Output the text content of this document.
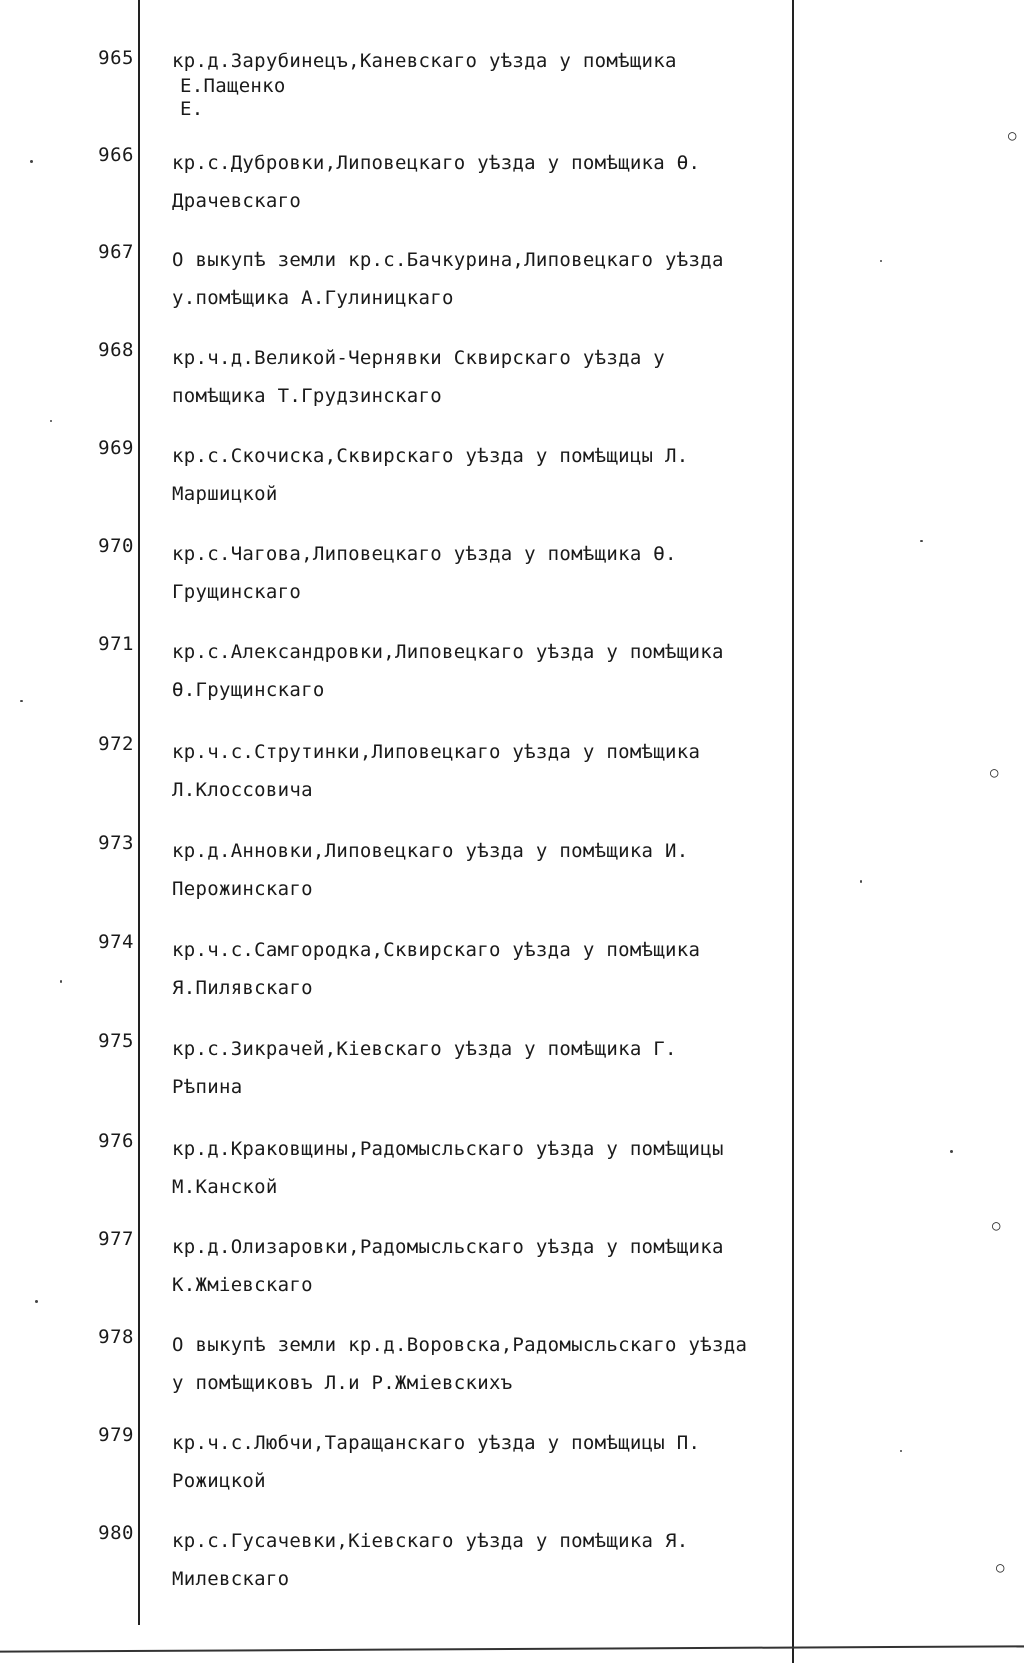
965 кр.д.Зарубинецъ,Каневскаго уѣзда у помѣщика
Е.Пащенко
Е.
966 кр.с.Дубровки,Липовецкаго уѣзда у помѣщика Ѳ.
Драчевскаго
967 О выкупѣ земли кр.с.Бачкурина,Липовецкаго уѣзда
у.помѣщика А.Гулиницкаго
968 кр.ч.д.Великой-Чернявки Сквирскаго уѣзда у
помѣщика Т.Грудзинскаго
969 кр.с.Скочиска,Сквирскаго уѣзда у помѣщицы Л.
Маршицкой
970 кр.с.Чагова,Липовецкаго уѣзда у помѣщика Ѳ.
Грущинскаго
971 кр.с.Александровки,Липовецкаго уѣзда у помѣщика
Ѳ.Грущинскаго
972 кр.ч.с.Струтинки,Липовецкаго уѣзда у помѣщика
Л.Клоссовича
973 кр.д.Анновки,Липовецкаго уѣзда у помѣщика И.
Перожинскаго
974 кр.ч.с.Самгородка,Сквирскаго уѣзда у помѣщика
Я.Пилявскаго
975 кр.с.Зикрачей,Кіевскаго уѣзда у помѣщика Г.
Рѣпина
976 кр.д.Краковщины,Радомысльскаго уѣзда у помѣщицы
М.Канской
977 кр.д.Олизаровки,Радомысльскаго уѣзда у помѣщика
К.Жміевскаго
978 О выкупѣ земли кр.д.Воровска,Радомысльскаго уѣзда
у помѣщиковъ Л.и Р.Жміевскихъ
979 кр.ч.с.Любчи,Таращанскаго уѣзда у помѣщицы П.
Рожицкой
980 кр.с.Гусачевки,Кіевскаго уѣзда у помѣщика Я.
Милевскаго
○
○
○
○
